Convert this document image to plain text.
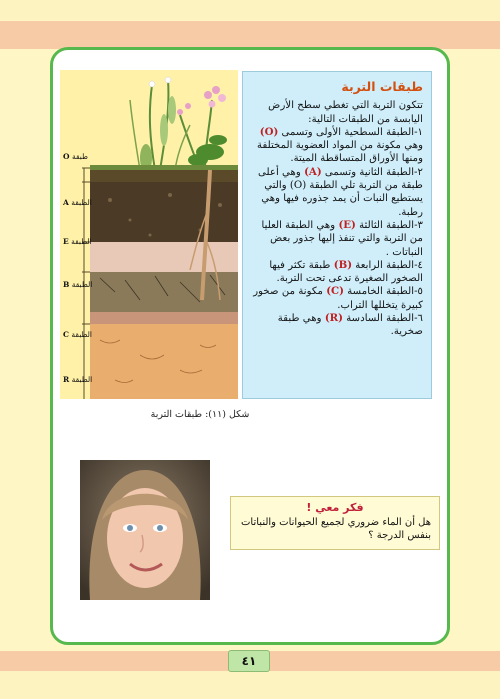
طبقة O
الطبقة A
الطبقة E
الطبقة B
الطبقة C
الطبقة R
طبقات التربة

تتكون التربة التي تغطي سطح الأرض اليابسة من الطبقات التالية:

١-الطبقة السطحية الأولى وتسمى (O) وهي مكونة من المواد العضوية المختلفة ومنها الأوراق المتساقطة الميتة.

٢-الطبقة الثانية وتسمى (A) وهي أعلى طبقة من التربة تلي الطبقة (O) والتي يستطيع النبات أن يمد جذوره فيها وهي رطبة.

٣-الطبقة الثالثة (E) وهي الطبقة العليا من التربة والتي تنفذ إليها جذور بعض النباتات .

٤-الطبقة الرابعة (B) طبقة تكثر فيها الصخور الصغيرة تدعى تحت التربة.

٥-الطبقة الخامسة (C) مكونة من صخور كبيرة يتخللها التراب.

٦-الطبقة السادسة (R) وهي طبقة صخرية.

شكل (١١): طبقات التربة
فكر معي !
هل أن الماء ضروري لجميع الحيوانات والنباتات بنفس الدرجة ؟
٤١
